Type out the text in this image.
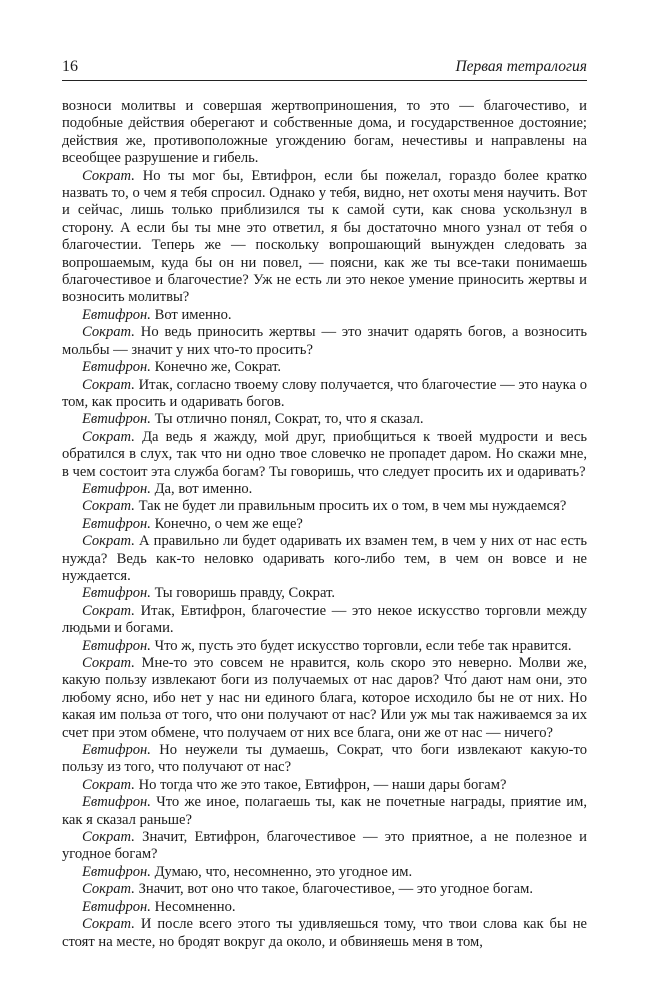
16	Первая тетралогия

возноси молитвы и совершая жертвоприношения, то это — благочестиво, и подобные действия оберегают и собственные дома, и государственное достояние; действия же, противоположные угождению богам, нечестивы и направлены на всеобщее разрушение и гибель.

Сократ. Но ты мог бы, Евтифрон, если бы пожелал, гораздо более кратко назвать то, о чем я тебя спросил. Однако у тебя, видно, нет охоты меня научить. Вот и сейчас, лишь только приблизился ты к самой сути, как снова ускользнул в сторону. А если бы ты мне это ответил, я бы достаточно много узнал от тебя о благочестии. Теперь же — поскольку вопрошающий вынужден следовать за вопрошаемым, куда бы он ни повел, — поясни, как же ты все-таки понимаешь благочестивое и благочестие? Уж не есть ли это некое умение приносить жертвы и возносить молитвы?

Евтифрон. Вот именно.

Сократ. Но ведь приносить жертвы — это значит одарять богов, а возносить мольбы — значит у них что-то просить?

Евтифрон. Конечно же, Сократ.

Сократ. Итак, согласно твоему слову получается, что благочестие — это наука о том, как просить и одаривать богов.

Евтифрон. Ты отлично понял, Сократ, то, что я сказал.

Сократ. Да ведь я жажду, мой друг, приобщиться к твоей мудрости и весь обратился в слух, так что ни одно твое словечко не пропадет даром. Но скажи мне, в чем состоит эта служба богам? Ты говоришь, что следует просить их и одаривать?

Евтифрон. Да, вот именно.

Сократ. Так не будет ли правильным просить их о том, в чем мы нуждаемся?

Евтифрон. Конечно, о чем же еще?

Сократ. А правильно ли будет одаривать их взамен тем, в чем у них от нас есть нужда? Ведь как-то неловко одаривать кого-либо тем, в чем он вовсе и не нуждается.

Евтифрон. Ты говоришь правду, Сократ.

Сократ. Итак, Евтифрон, благочестие — это некое искусство торговли между людьми и богами.

Евтифрон. Что ж, пусть это будет искусство торговли, если тебе так нравится.

Сократ. Мне-то это совсем не нравится, коль скоро это неверно. Молви же, какую пользу извлекают боги из получаемых от нас даров? Что́ дают нам они, это любому ясно, ибо нет у нас ни единого блага, которое исходило бы не от них. Но какая им польза от того, что они получают от нас? Или уж мы так наживаемся за их счет при этом обмене, что получаем от них все блага, они же от нас — ничего?

Евтифрон. Но неужели ты думаешь, Сократ, что боги извлекают какую-то пользу из того, что получают от нас?

Сократ. Но тогда что же это такое, Евтифрон, — наши дары богам?

Евтифрон. Что же иное, полагаешь ты, как не почетные награды, приятие им, как я сказал раньше?

Сократ. Значит, Евтифрон, благочестивое — это приятное, а не полезное и угодное богам?

Евтифрон. Думаю, что, несомненно, это угодное им.

Сократ. Значит, вот оно что такое, благочестивое, — это угодное богам.

Евтифрон. Несомненно.

Сократ. И после всего этого ты удивляешься тому, что твои слова как бы не стоят на месте, но бродят вокруг да около, и обвиняешь меня в том,
